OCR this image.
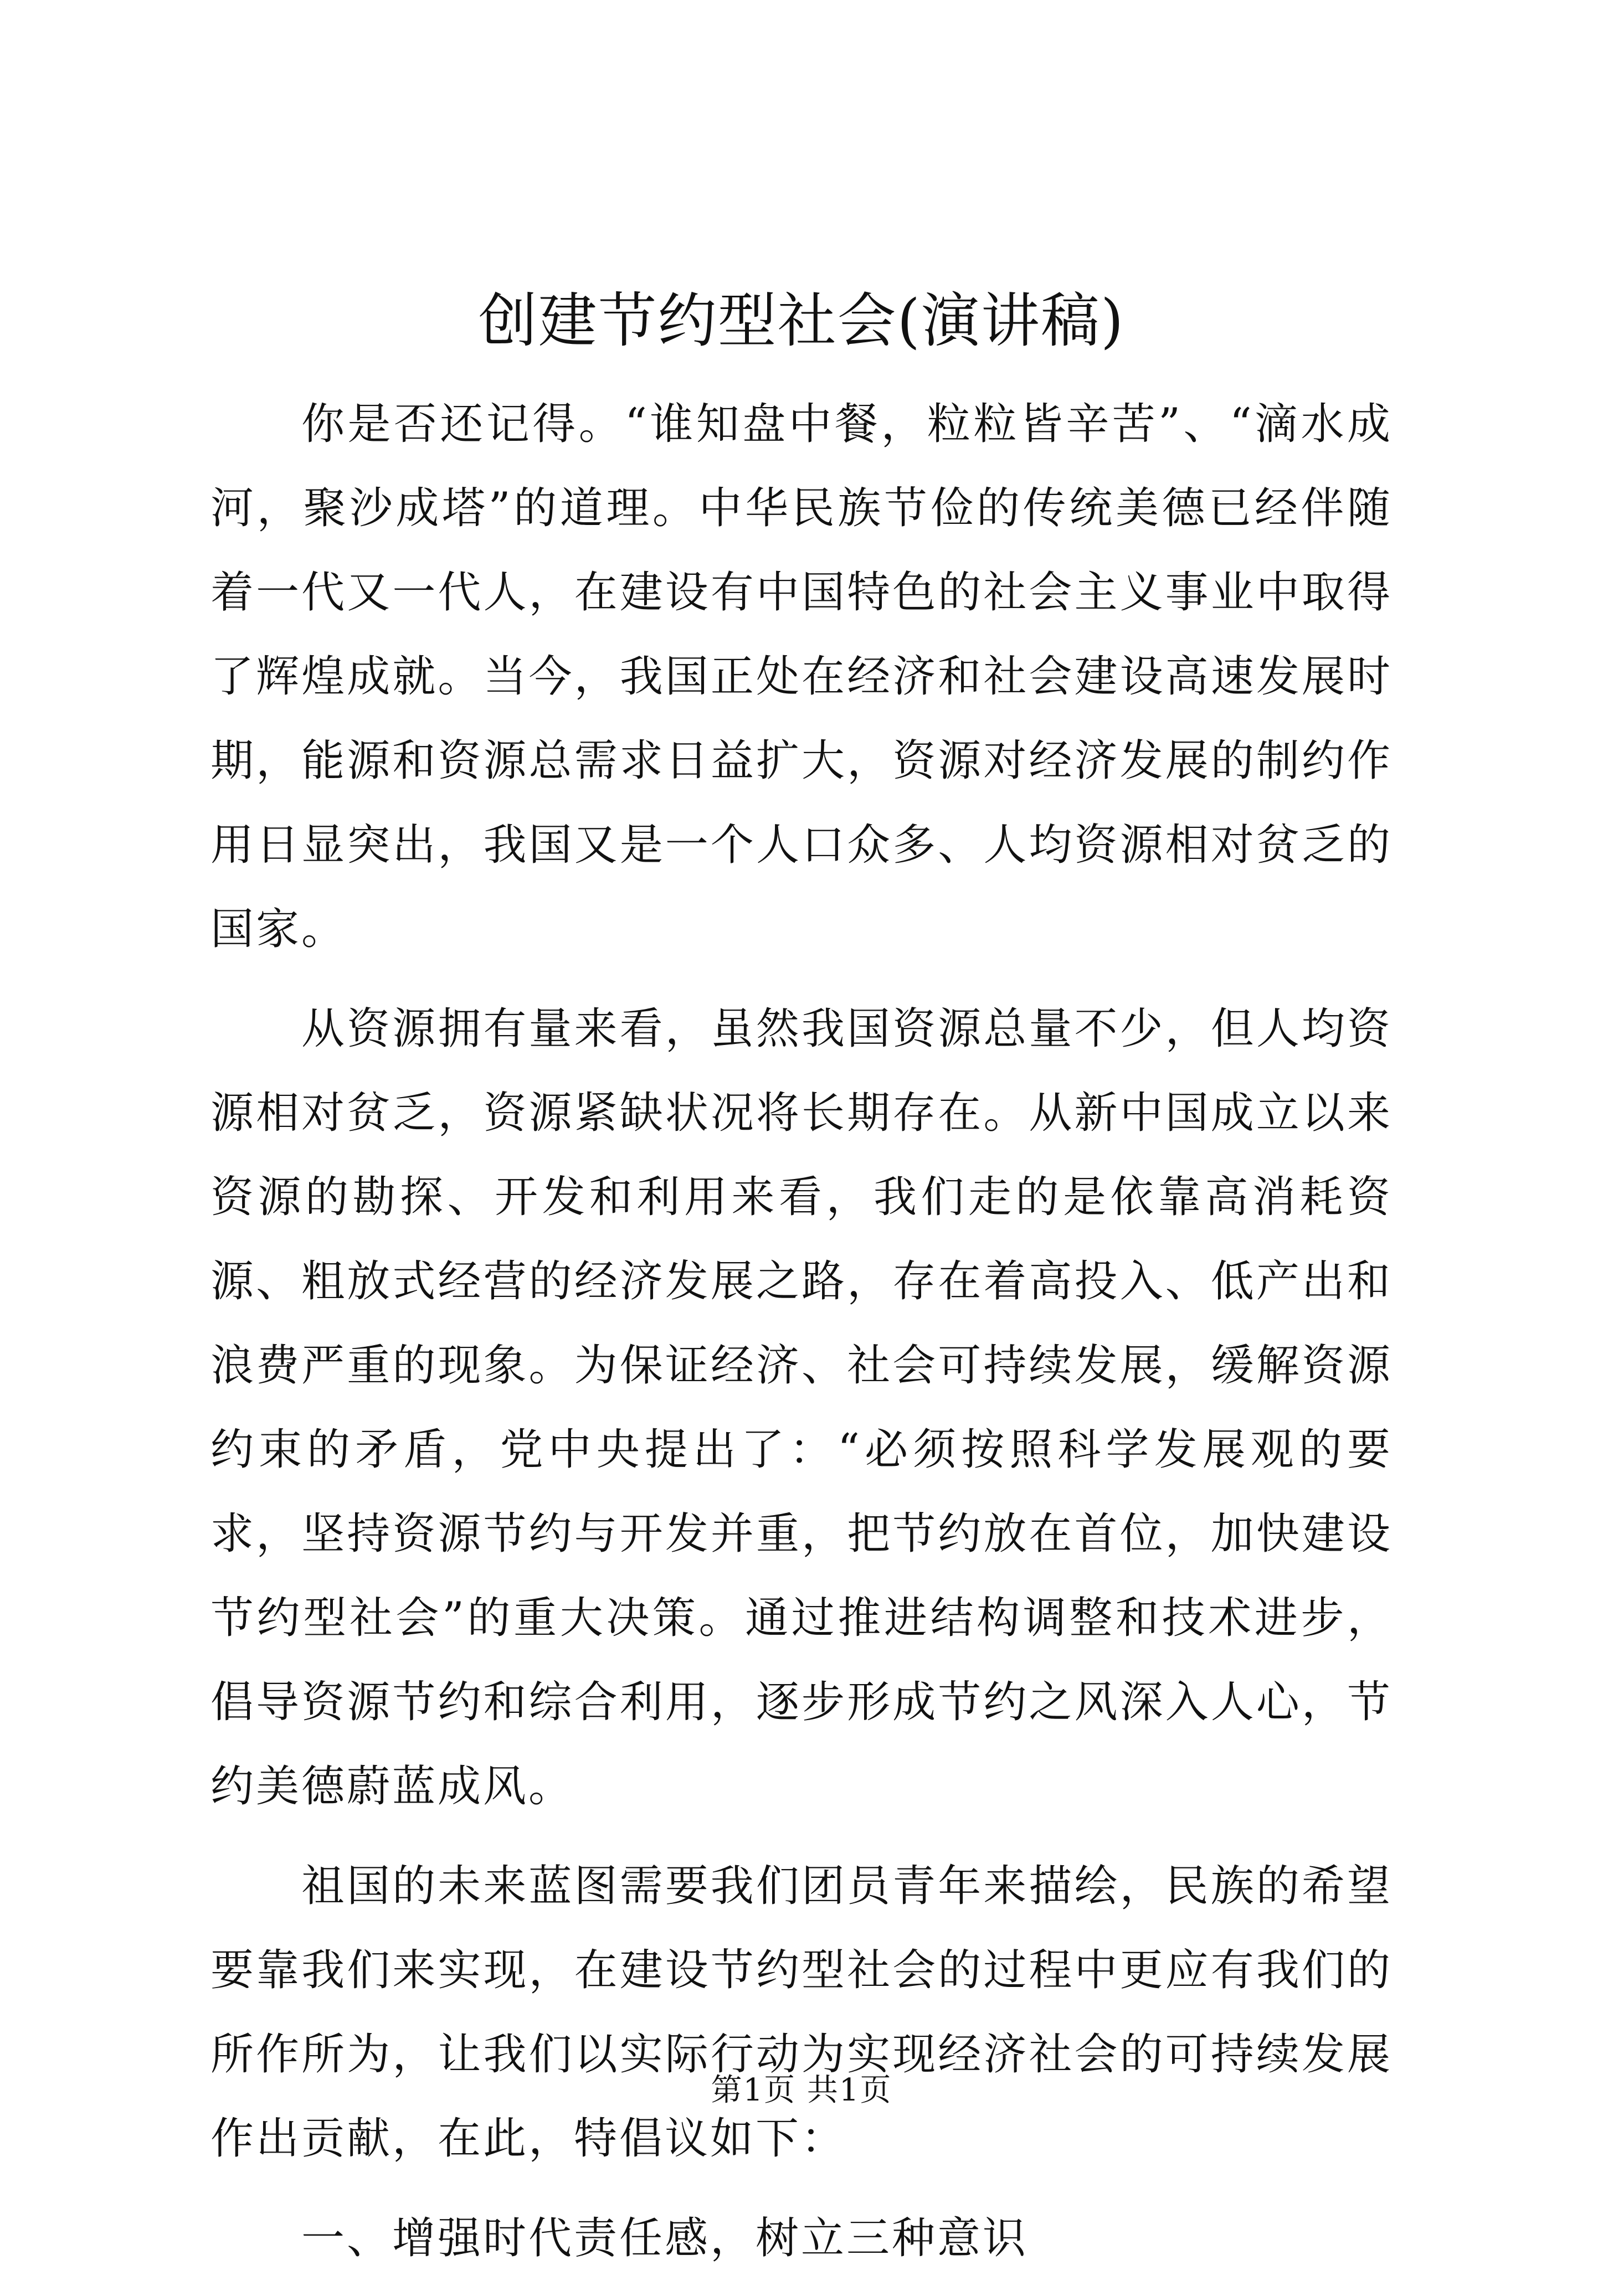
创建节约型社会(演讲稿)

你是否还记得。“谁知盘中餐，粒粒皆辛苦”、“滴水成河，聚沙成塔”的道理。中华民族节俭的传统美德已经伴随着一代又一代人，在建设有中国特色的社会主义事业中取得了辉煌成就。当今，我国正处在经济和社会建设高速发展时期，能源和资源总需求日益扩大，资源对经济发展的制约作用日显突出，我国又是一个人口众多、人均资源相对贫乏的国家。

从资源拥有量来看，虽然我国资源总量不少，但人均资源相对贫乏，资源紧缺状况将长期存在。从新中国成立以来资源的勘探、开发和利用来看，我们走的是依靠高消耗资源、粗放式经营的经济发展之路，存在着高投入、低产出和浪费严重的现象。为保证经济、社会可持续发展，缓解资源约束的矛盾，党中央提出了：“必须按照科学发展观的要求，坚持资源节约与开发并重，把节约放在首位，加快建设节约型社会”的重大决策。通过推进结构调整和技术进步，倡导资源节约和综合利用，逐步形成节约之风深入人心，节约美德蔚蓝成风。

祖国的未来蓝图需要我们团员青年来描绘，民族的希望要靠我们来实现，在建设节约型社会的过程中更应有我们的所作所为，让我们以实际行动为实现经济社会的可持续发展作出贡献，在此，特倡议如下：

一、增强时代责任感，树立三种意识

第1页 共1页
